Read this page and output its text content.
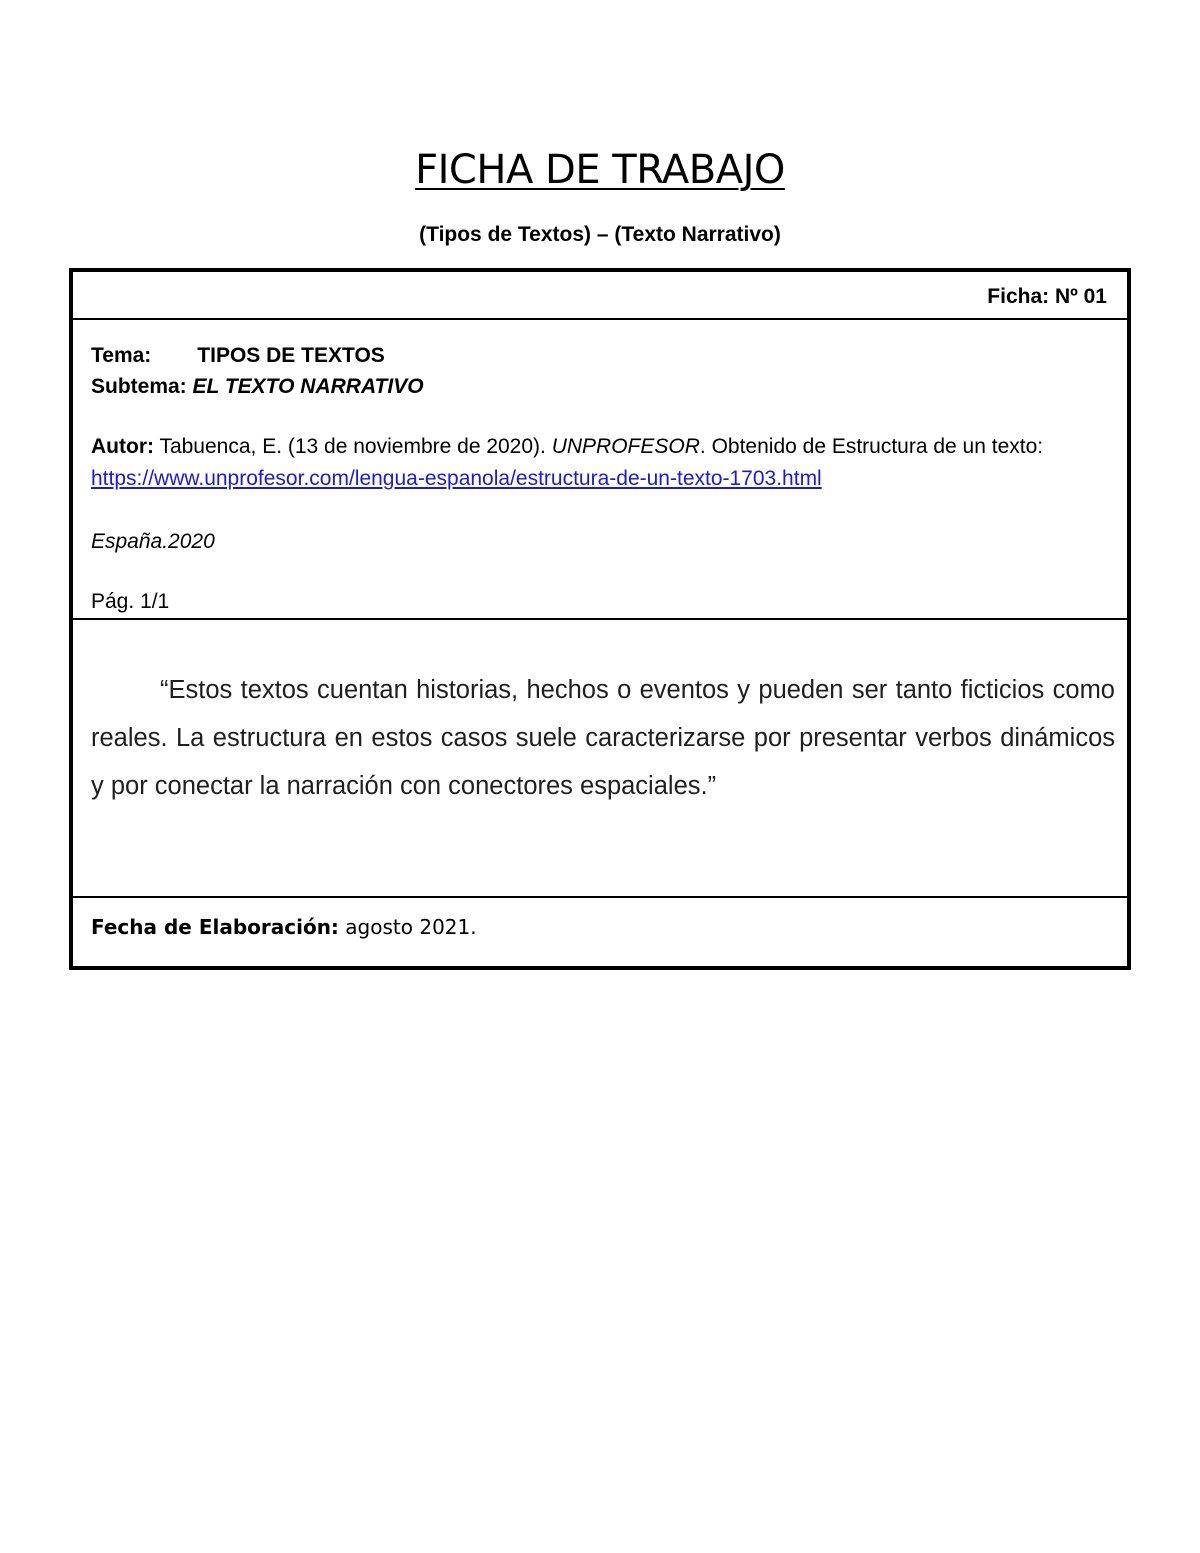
FICHA DE TRABAJO
(Tipos de Textos) – (Texto Narrativo)
Ficha: Nº 01
Tema: TIPOS DE TEXTOS
Subtema: EL TEXTO NARRATIVO
Autor: Tabuenca, E. (13 de noviembre de 2020). UNPROFESOR. Obtenido de Estructura de un texto: https://www.unprofesor.com/lengua-espanola/estructura-de-un-texto-1703.html
España.2020
Pág. 1/1

“Estos textos cuentan historias, hechos o eventos y pueden ser tanto ficticios como reales. La estructura en estos casos suele caracterizarse por presentar verbos dinámicos y por conectar la narración con conectores espaciales.”

Fecha de Elaboración: agosto 2021.
